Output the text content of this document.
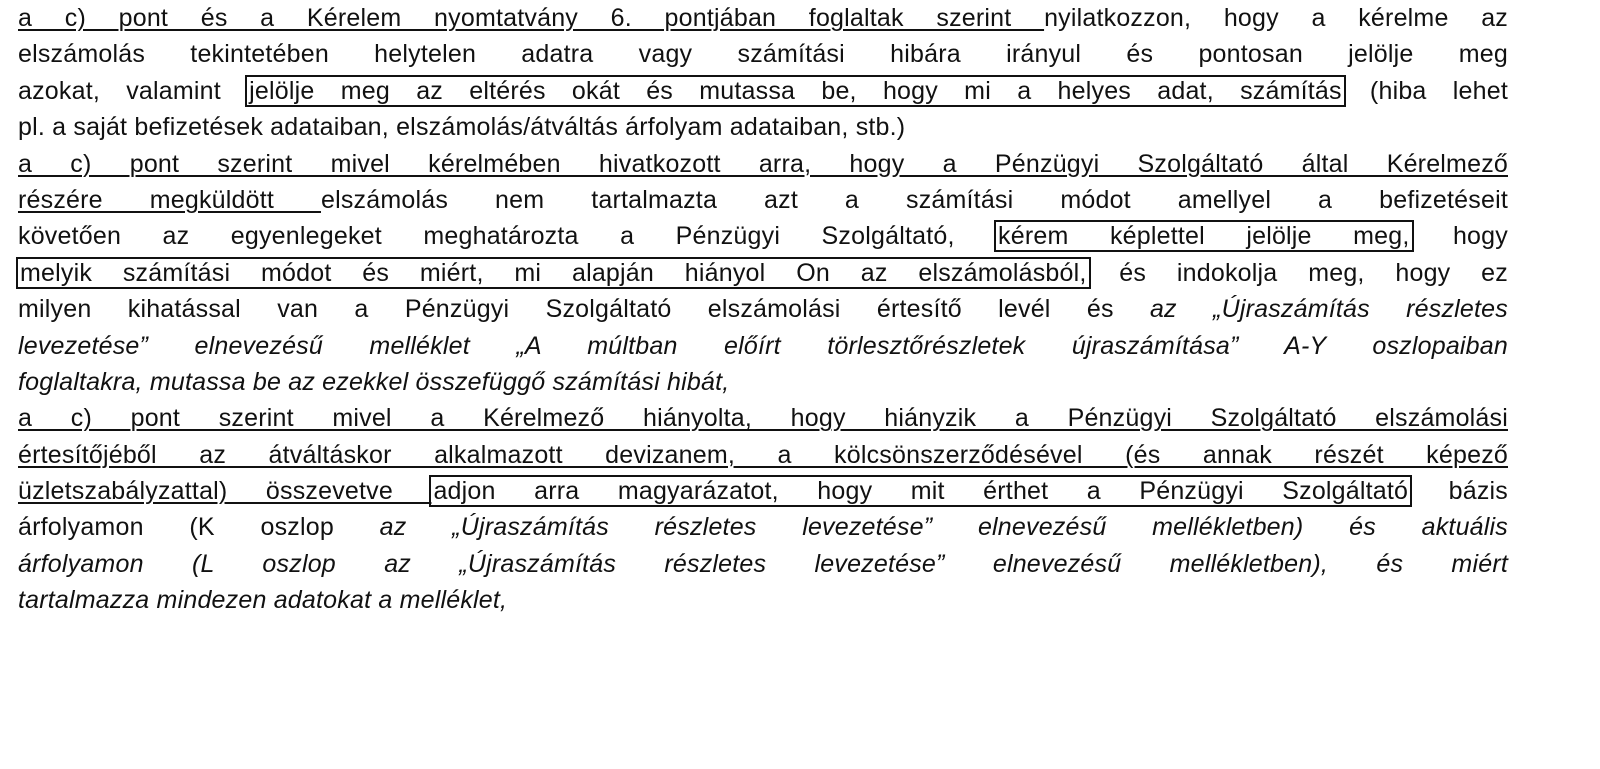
a c) pont és a Kérelem nyomtatvány 6. pontjában foglaltak szerint nyilatkozzon, hogy a kérelme az
elszámolás tekintetében helytelen adatra vagy számítási hibára irányul és pontosan jelölje meg
azokat, valamint jelölje meg az eltérés okát és mutassa be, hogy mi a helyes adat, számítás (hiba lehet
pl. a saját befizetések adataiban, elszámolás/átváltás árfolyam adataiban, stb.)
a c) pont szerint mivel kérelmében hivatkozott arra, hogy a Pénzügyi Szolgáltató által Kérelmező
részére megküldött elszámolás nem tartalmazta azt a számítási módot amellyel a befizetéseit
követően az egyenlegeket meghatározta a Pénzügyi Szolgáltató, kérem képlettel jelölje meg, hogy
melyik számítási módot és miért, mi alapján hiányol On az elszámolásból, és indokolja meg, hogy ez
milyen kihatással van a Pénzügyi Szolgáltató elszámolási értesítő levél és az „Újraszámítás részletes
levezetése” elnevezésű melléklet „A múltban előírt törlesztőrészletek újraszámítása” A-Y oszlopaiban
foglaltakra, mutassa be az ezekkel összefüggő számítási hibát,
a c) pont szerint mivel a Kérelmező hiányolta, hogy hiányzik a Pénzügyi Szolgáltató elszámolási
értesítőjéből az átváltáskor alkalmazott devizanem, a kölcsönszerződésével (és annak részét képező
üzletszabályzattal) összevetve adjon arra magyarázatot, hogy mit érthet a Pénzügyi Szolgáltató bázis
árfolyamon (K oszlop az „Újraszámítás részletes levezetése” elnevezésű mellékletben) és aktuális
árfolyamon (L oszlop az „Újraszámítás részletes levezetése” elnevezésű mellékletben), és miért
tartalmazza mindezen adatokat a melléklet,
